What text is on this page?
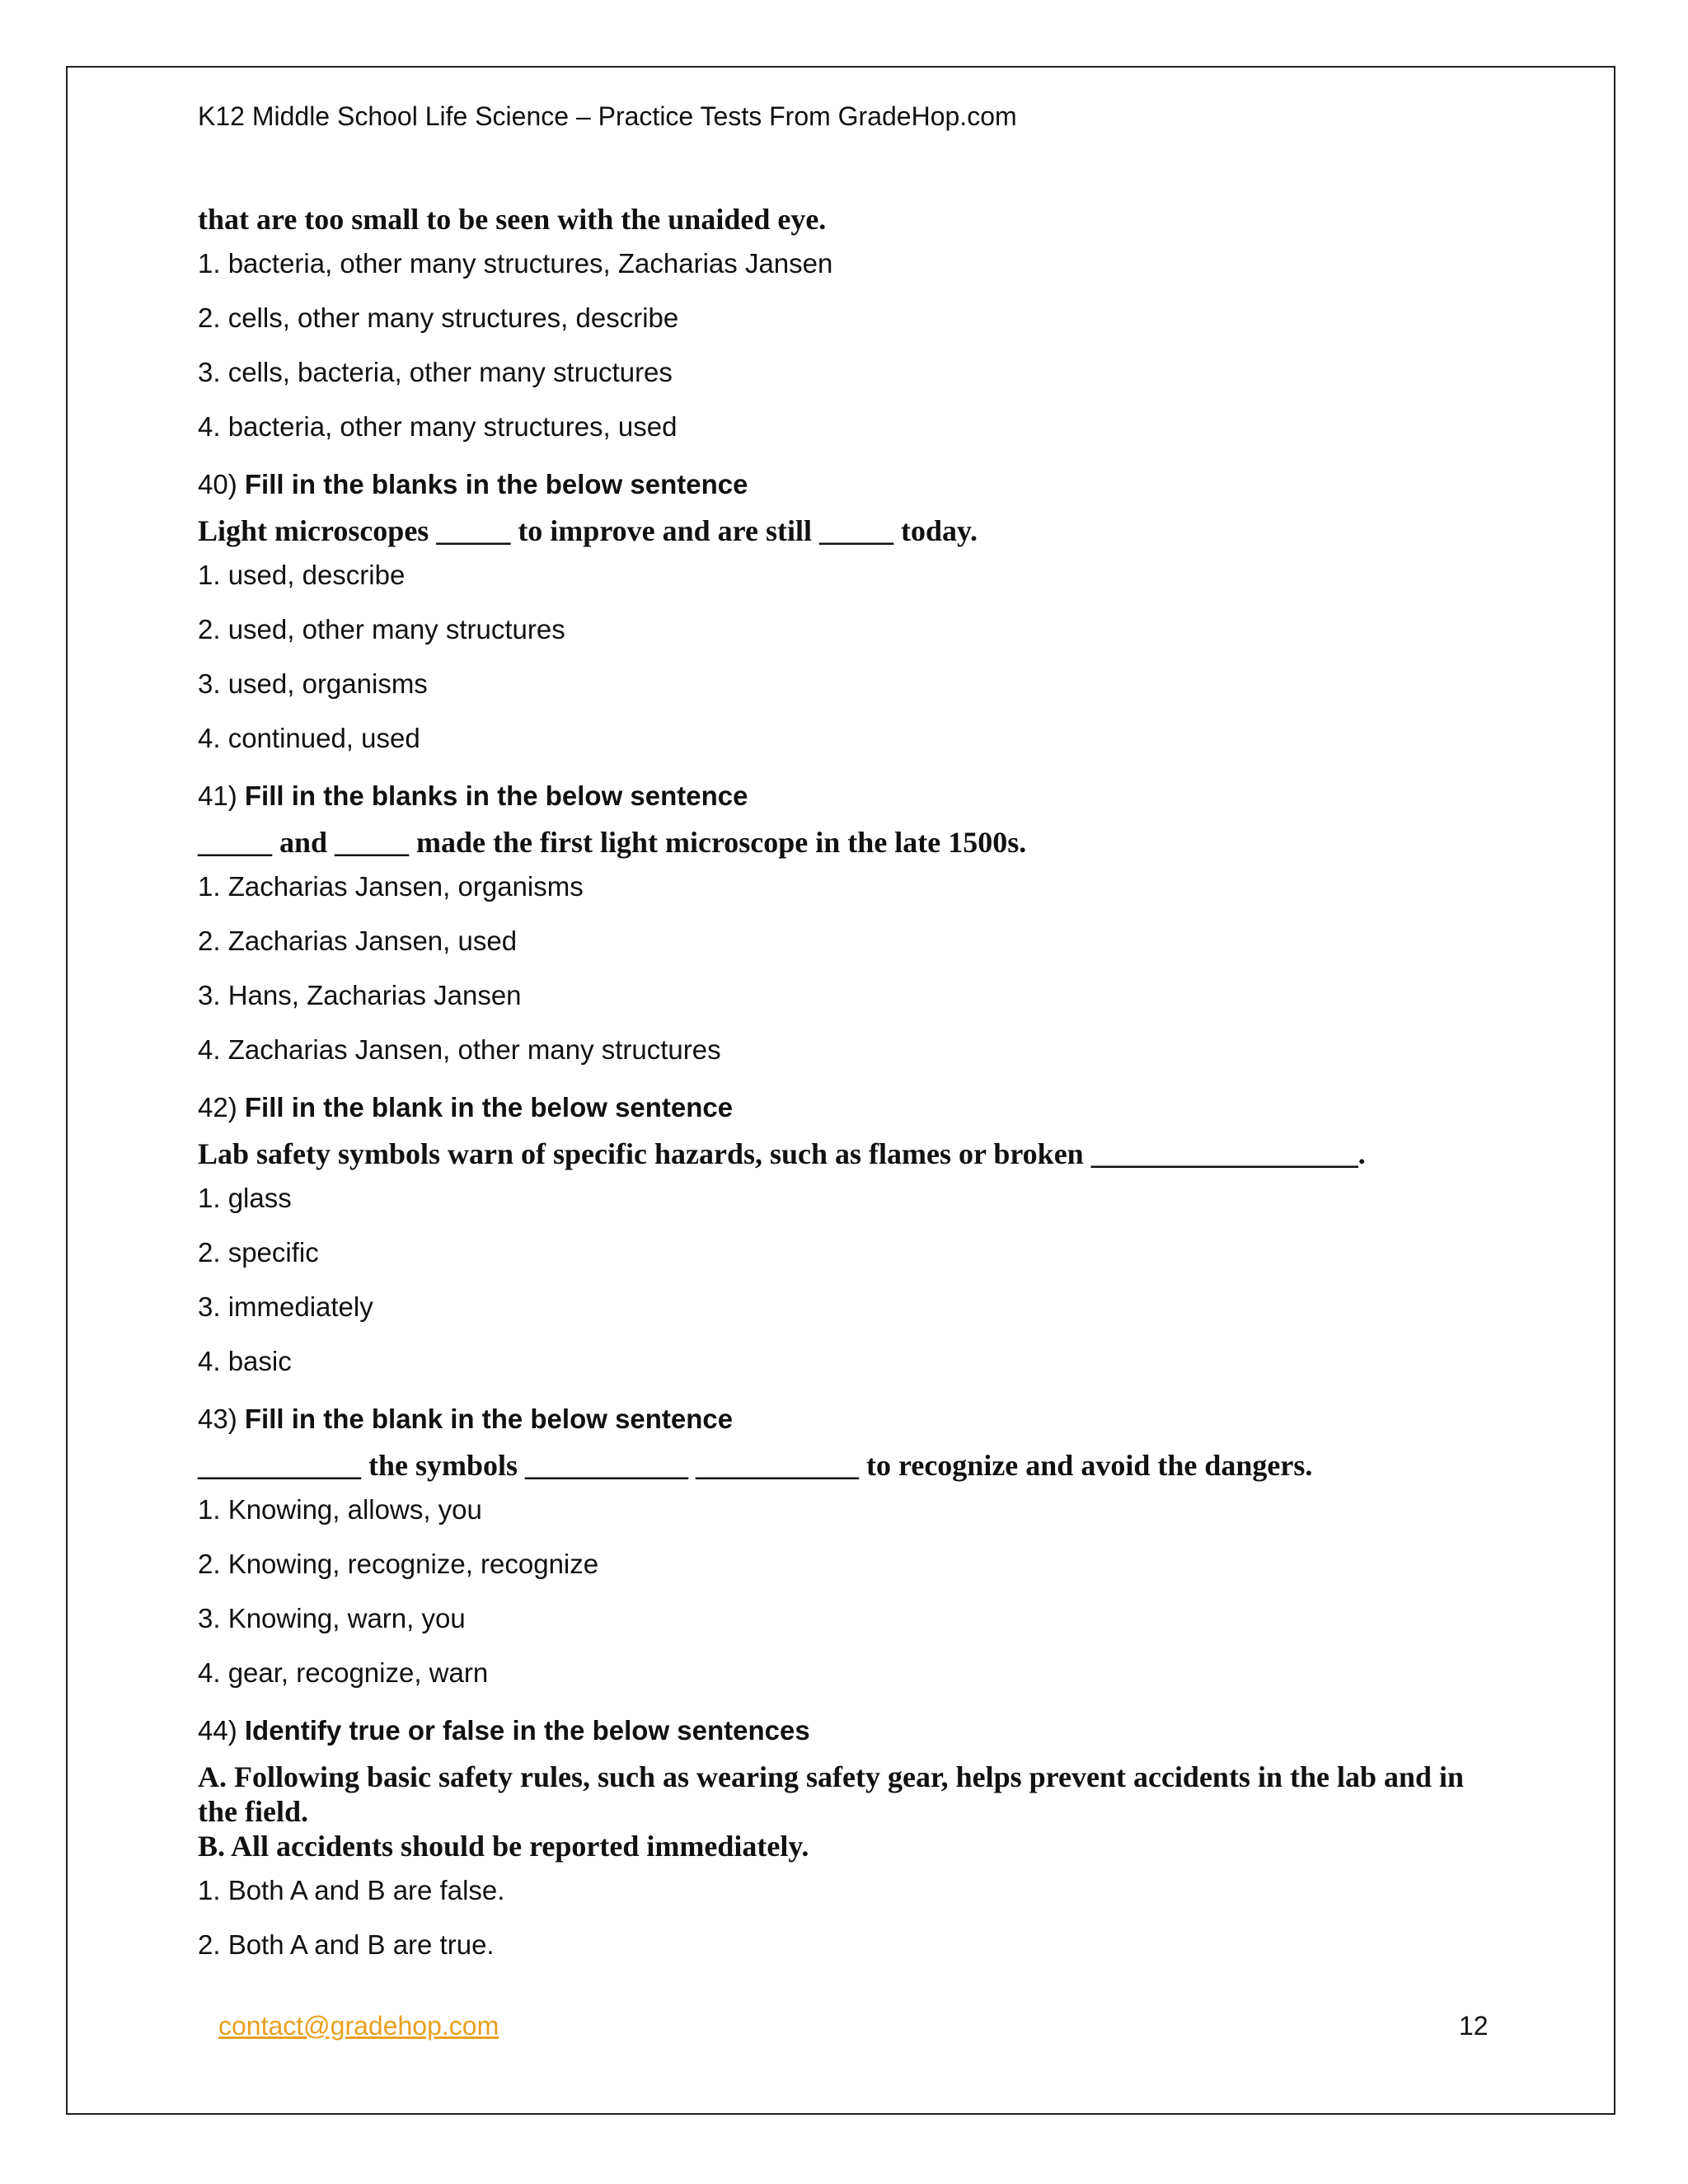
K12 Middle School Life Science – Practice Tests From GradeHop.com
that are too small to be seen with the unaided eye.
1. bacteria, other many structures, Zacharias Jansen
2. cells, other many structures, describe
3. cells, bacteria, other many structures
4. bacteria, other many structures, used
40) Fill in the blanks in the below sentence
Light microscopes _____ to improve and are still _____ today.
1. used, describe
2. used, other many structures
3. used, organisms
4. continued, used
41) Fill in the blanks in the below sentence
_____ and _____ made the first light microscope in the late 1500s.
1. Zacharias Jansen, organisms
2. Zacharias Jansen, used
3. Hans, Zacharias Jansen
4. Zacharias Jansen, other many structures
42) Fill in the blank in the below sentence
Lab safety symbols warn of specific hazards, such as flames or broken __________________.
1. glass
2. specific
3. immediately
4. basic
43) Fill in the blank in the below sentence
___________ the symbols ___________ ___________ to recognize and avoid the dangers.
1. Knowing, allows, you
2. Knowing, recognize, recognize
3. Knowing, warn, you
4. gear, recognize, warn
44) Identify true or false in the below sentences
A. Following basic safety rules, such as wearing safety gear, helps prevent accidents in the lab and in the field.
B. All accidents should be reported immediately.
1. Both A and B are false.
2. Both A and B are true.
contact@gradehop.com	12
